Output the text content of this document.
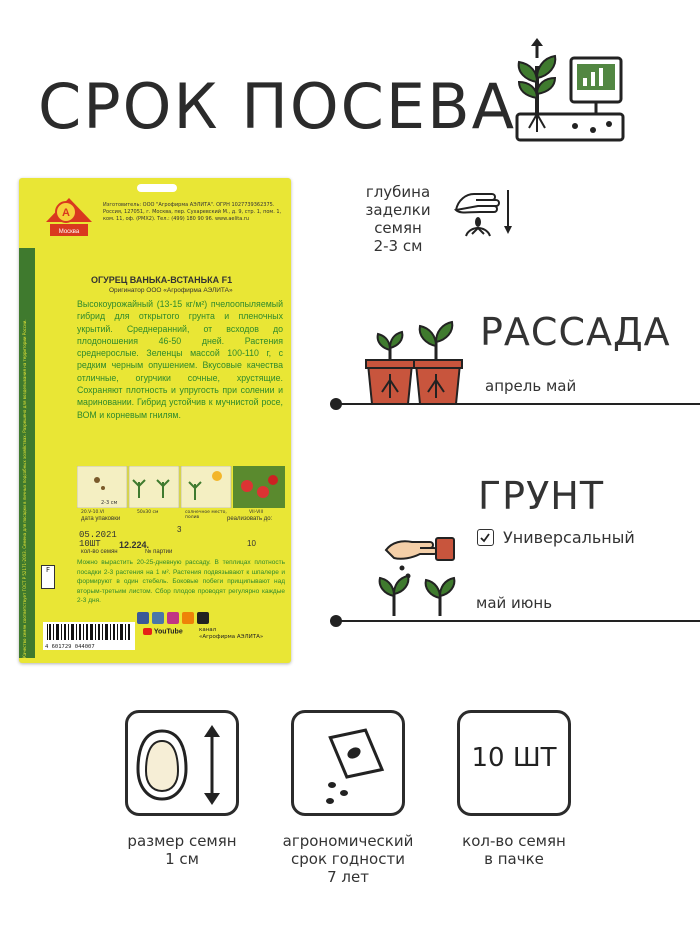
СРОК ПОСЕВА
A
Москва
Изготовитель: ООО "Агрофирма АЭЛИТА". ОГРН 1027739362375. Россия, 127051, г. Москва, пер. Сухаревский М., д. 9, стр. 1, пом. 1, ком. 11, оф. (РМХ2). Тел.: (499) 180 90 96. www.aelita.ru
Качество семян соответствует ГОСТ Р 52171-2003. Семена для посадки в личных подсобных хозяйствах. Разрешено для возделывания на территории России.
ОГУРЕЦ ВАНЬКА-ВСТАНЬКА F1
Оригинатор ООО «Агрофирма АЭЛИТА»
Высокоурожайный (13-15 кг/м²) пчелоопыляемый гибрид для открытого грунта и пленочных укрытий. Среднеранний, от всходов до плодоношения 46-50 дней. Растения среднерослые. Зеленцы массой 100-110 г, с редким черным опушением. Вкусовые качества отличные, огурчики сочные, хрустящие. Сохраняют плотность и упругость при солении и мариновании. Гибрид устойчив к мучнистой росе, ВОМ и корневым гнилям.
2-3 см
20.V-10.VI	50х30 см	солнечное место, полив
VII-VIII
дата упаковки
05.2021
3
реализовать до:
10ШТ 12.224.	10
кол-во семян	№ партии
F
Можно вырастить 20-25-дневную рассаду. В теплицах плотность посадки 2-3 растения на 1 м². Растения подвязывают к шпалере и формируют в один стебель. Боковые побеги прищипывают над вторым-третьим листом. Сбор плодов проводят регулярно каждые 2-3 дня.
4 601729 044007
YouTube	канал
«Агрофирма АЭЛИТА»
глубина
заделки
семян
2-3 см
РАССАДА
апрель май
ГРУНТ
Универсальный
май июнь
10 ШТ
размер семян
1 см
агрономический
срок годности
7 лет
кол-во семян
в пачке
